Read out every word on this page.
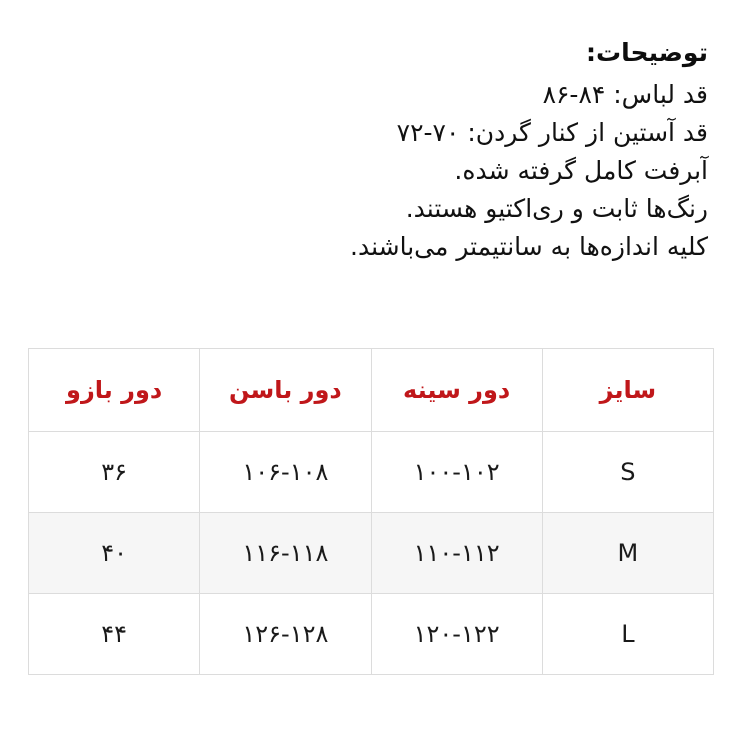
توضیحات:
قد لباس: ۸۴-۸۶
قد آستین از کنار گردن: ۷۰-۷۲
آبرفت کامل گرفته شده.
رنگ‌ها ثابت و ری‌اکتیو هستند.
کلیه اندازه‌ها به سانتیمتر می‌باشند.
سایز	دور سینه	دور باسن	دور بازو
S	۱۰۰-۱۰۲	۱۰۶-۱۰۸	۳۶
M	۱۱۰-۱۱۲	۱۱۶-۱۱۸	۴۰
L	۱۲۰-۱۲۲	۱۲۶-۱۲۸	۴۴
